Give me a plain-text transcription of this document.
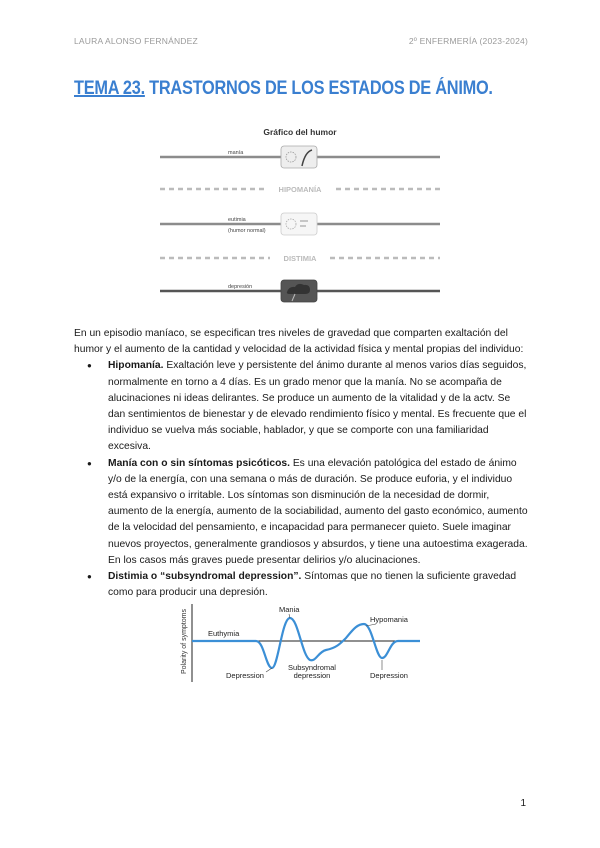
LAURA ALONSO FERNÁNDEZ	2º ENFERMERÍA (2023-2024)
TEMA 23. TRASTORNOS DE LOS ESTADOS DE ÁNIMO.
Gráfico del humor
manía
HIPOMANÍA
eutimia
(humor normal)
DISTIMIA
depresión

En un episodio maníaco, se especifican tres niveles de gravedad que comparten exaltación del humor y el aumento de la cantidad y velocidad de la actividad física y mental propias del individuo:

● Hipomanía. Exaltación leve y persistente del ánimo durante al menos varios días seguidos, normalmente en torno a 4 días. Es un grado menor que la manía. No se acompaña de alucinaciones ni ideas delirantes. Se produce un aumento de la vitalidad y de la actv. Se dan sentimientos de bienestar y de elevado rendimiento físico y mental. Es frecuente que el individuo se vuelva más sociable, hablador, y que se comporte con una familiaridad excesiva.
● Manía con o sin síntomas psicóticos. Es una elevación patológica del estado de ánimo y/o de la energía, con una semana o más de duración. Se produce euforia, y el individuo está expansivo o irritable. Los síntomas son disminución de la necesidad de dormir, aumento de la energía, aumento de la sociabilidad, aumento del gasto económico, aumento de la velocidad del pensamiento, e incapacidad para permanecer quieto. Suele imaginar nuevos proyectos, generalmente grandiosos y absurdos, y tiene una autoestima exagerada. En los casos más graves puede presentar delirios y/o alucinaciones.
● Distimia o “subsyndromal depression”. Síntomas que no tienen la suficiente gravedad como para producir una depresión.
Polarity of symptoms	Euthymia
Mania
Hypomania
Depression
Subsyndromal
depression	Depression
1
